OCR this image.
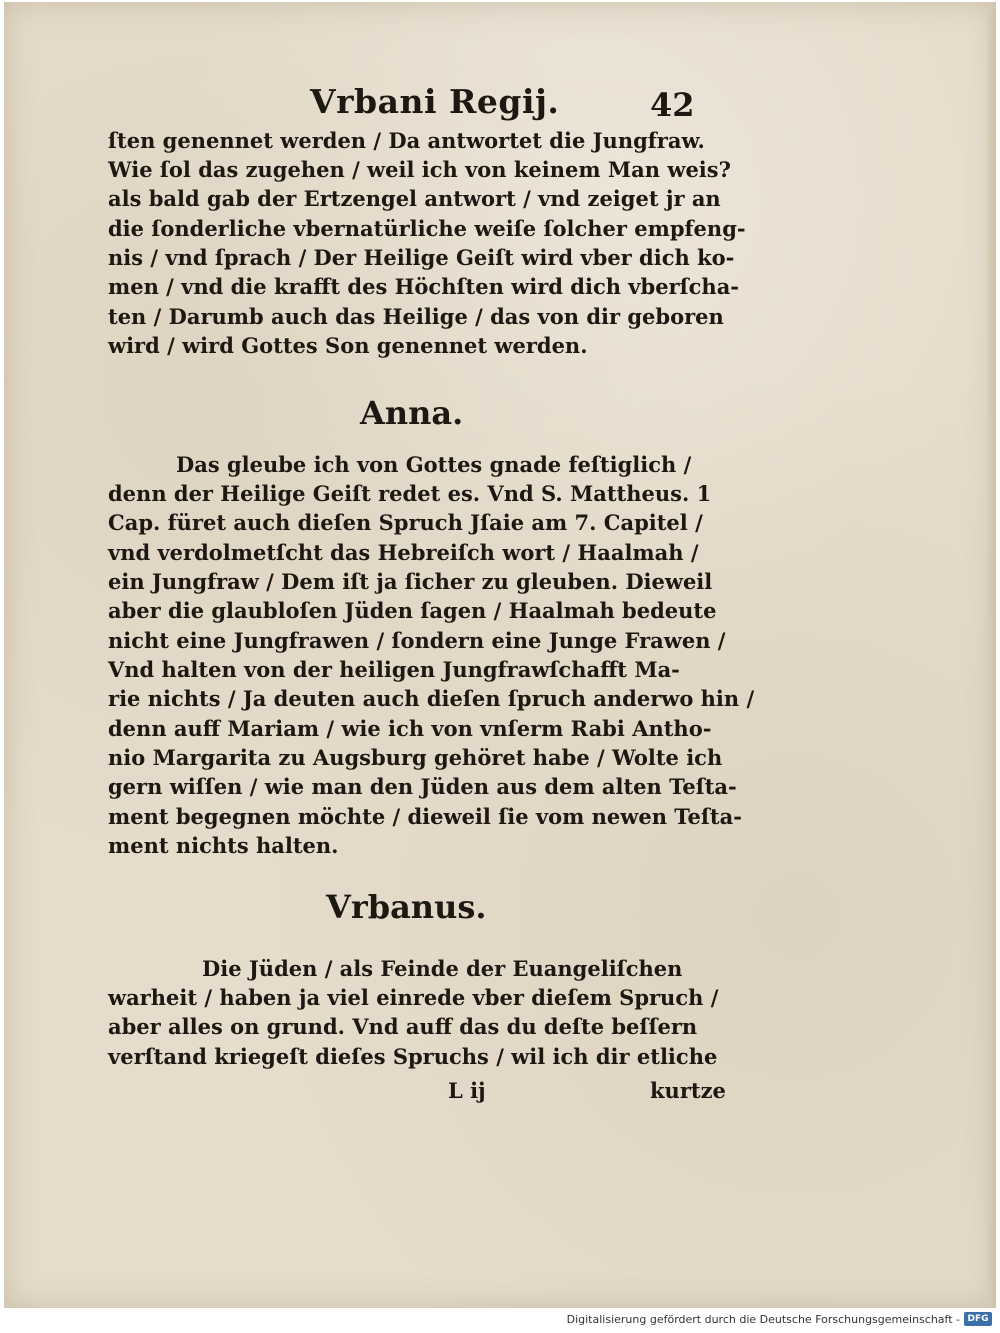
Vrbani Regij.	42
ſten genennet werden / Da antwortet die Jungfraw.
Wie ſol das zugehen / weil ich von keinem Man weis?
als bald gab der Ertzengel antwort / vnd zeiget jr an
die ſonderliche vbernatürliche weiſe ſolcher empfeng-
nis / vnd ſprach / Der Heilige Geiſt wird vber dich ko-
men / vnd die krafft des Höchſten wird dich vberſcha-
ten / Darumb auch das Heilige / das von dir geboren
wird / wird Gottes Son genennet werden.
Anna.
Das gleube ich von Gottes gnade feſtiglich /
denn der Heilige Geiſt redet es. Vnd S. Mattheus. 1
Cap. füret auch dieſen Spruch Jſaie am 7. Capitel /
vnd verdolmetſcht das Hebreiſch wort / Haalmah /
ein Jungfraw / Dem iſt ja ſicher zu gleuben. Dieweil
aber die glaubloſen Jüden ſagen / Haalmah bedeute
nicht eine Jungfrawen / ſondern eine Junge Frawen /
Vnd halten von der heiligen Jungfrawſchafft Ma-
rie nichts / Ja deuten auch dieſen ſpruch anderwo hin /
denn auff Mariam / wie ich von vnſerm Rabi Antho-
nio Margarita zu Augsburg gehöret habe / Wolte ich
gern wiſſen / wie man den Jüden aus dem alten Teſta-
ment begegnen möchte / dieweil ſie vom newen Teſta-
ment nichts halten.
Vrbanus.
Die Jüden / als Feinde der Euangeliſchen
warheit / haben ja viel einrede vber dieſem Spruch /
aber alles on grund. Vnd auff das du deſte beſſern
verſtand kriegeſt dieſes Spruchs / wil ich dir etliche
L ij	kurtze
Digitalisierung gefördert durch die Deutsche Forschungsgemeinschaft - DFG
